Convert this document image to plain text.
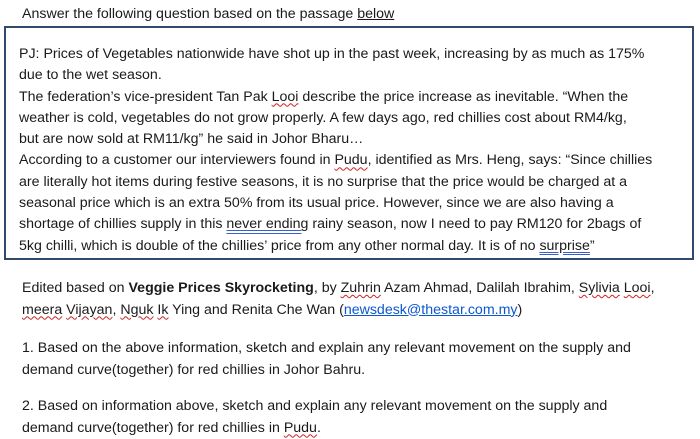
Answer the following question based on the passage below
PJ: Prices of Vegetables nationwide have shot up in the past week, increasing by as much as 175%
due to the wet season.
The federation’s vice-president Tan Pak Looi describe the price increase as inevitable. “When the
weather is cold, vegetables do not grow properly. A few days ago, red chillies cost about RM4/kg,
but are now sold at RM11/kg” he said in Johor Bharu…
According to a customer our interviewers found in Pudu, identified as Mrs. Heng, says: “Since chillies
are literally hot items during festive seasons, it is no surprise that the price would be charged at a
seasonal price which is an extra 50% from its usual price. However, since we are also having a
shortage of chillies supply in this never ending rainy season, now I need to pay RM120 for 2bags of
5kg chilli, which is double of the chillies’ price from any other normal day. It is of no surprise”
Edited based on Veggie Prices Skyrocketing, by Zuhrin Azam Ahmad, Dalilah Ibrahim, Sylivia Looi,
meera Vijayan, Nguk Ik Ying and Renita Che Wan (newsdesk@thestar.com.my)
1. Based on the above information, sketch and explain any relevant movement on the supply and
demand curve(together) for red chillies in Johor Bahru.
2. Based on information above, sketch and explain any relevant movement on the supply and
demand curve(together) for red chillies in Pudu.
